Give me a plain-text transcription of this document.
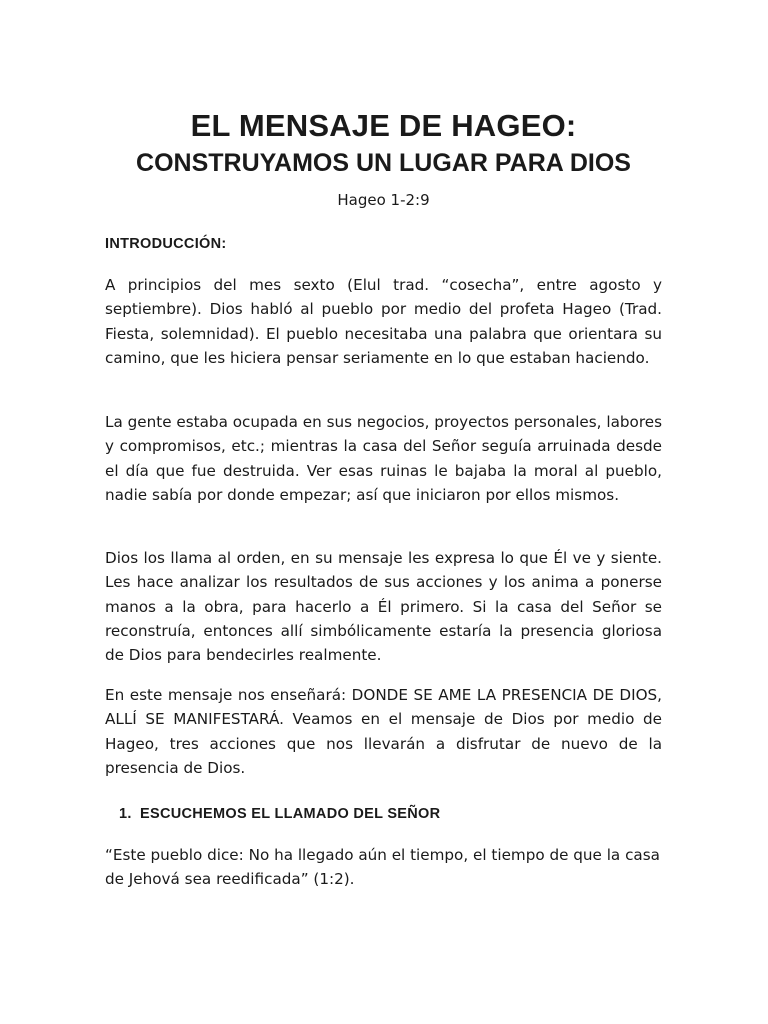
EL MENSAJE DE HAGEO:
CONSTRUYAMOS UN LUGAR PARA DIOS

Hageo 1-2:9

INTRODUCCIÓN:

A principios del mes sexto (Elul trad. “cosecha”, entre agosto y septiembre). Dios habló al pueblo por medio del profeta Hageo (Trad. Fiesta, solemnidad). El pueblo necesitaba una palabra que orientara su camino, que les hiciera pensar seriamente en lo que estaban haciendo.

La gente estaba ocupada en sus negocios, proyectos personales, labores y compromisos, etc.; mientras la casa del Señor seguía arruinada desde el día que fue destruida. Ver esas ruinas le bajaba la moral al pueblo, nadie sabía por donde empezar; así que iniciaron por ellos mismos.

Dios los llama al orden, en su mensaje les expresa lo que Él ve y siente. Les hace analizar los resultados de sus acciones y los anima a ponerse manos a la obra, para hacerlo a Él primero. Si la casa del Señor se reconstruía, entonces allí simbólicamente estaría la presencia gloriosa de Dios para bendecirles realmente.

En este mensaje nos enseñará: DONDE SE AME LA PRESENCIA DE DIOS, ALLÍ SE MANIFESTARÁ. Veamos en el mensaje de Dios por medio de Hageo, tres acciones que nos llevarán a disfrutar de nuevo de la presencia de Dios.

1. ESCUCHEMOS EL LLAMADO DEL SEÑOR

“Este pueblo dice: No ha llegado aún el tiempo, el tiempo de que la casa de Jehová sea reedificada” (1:2).
